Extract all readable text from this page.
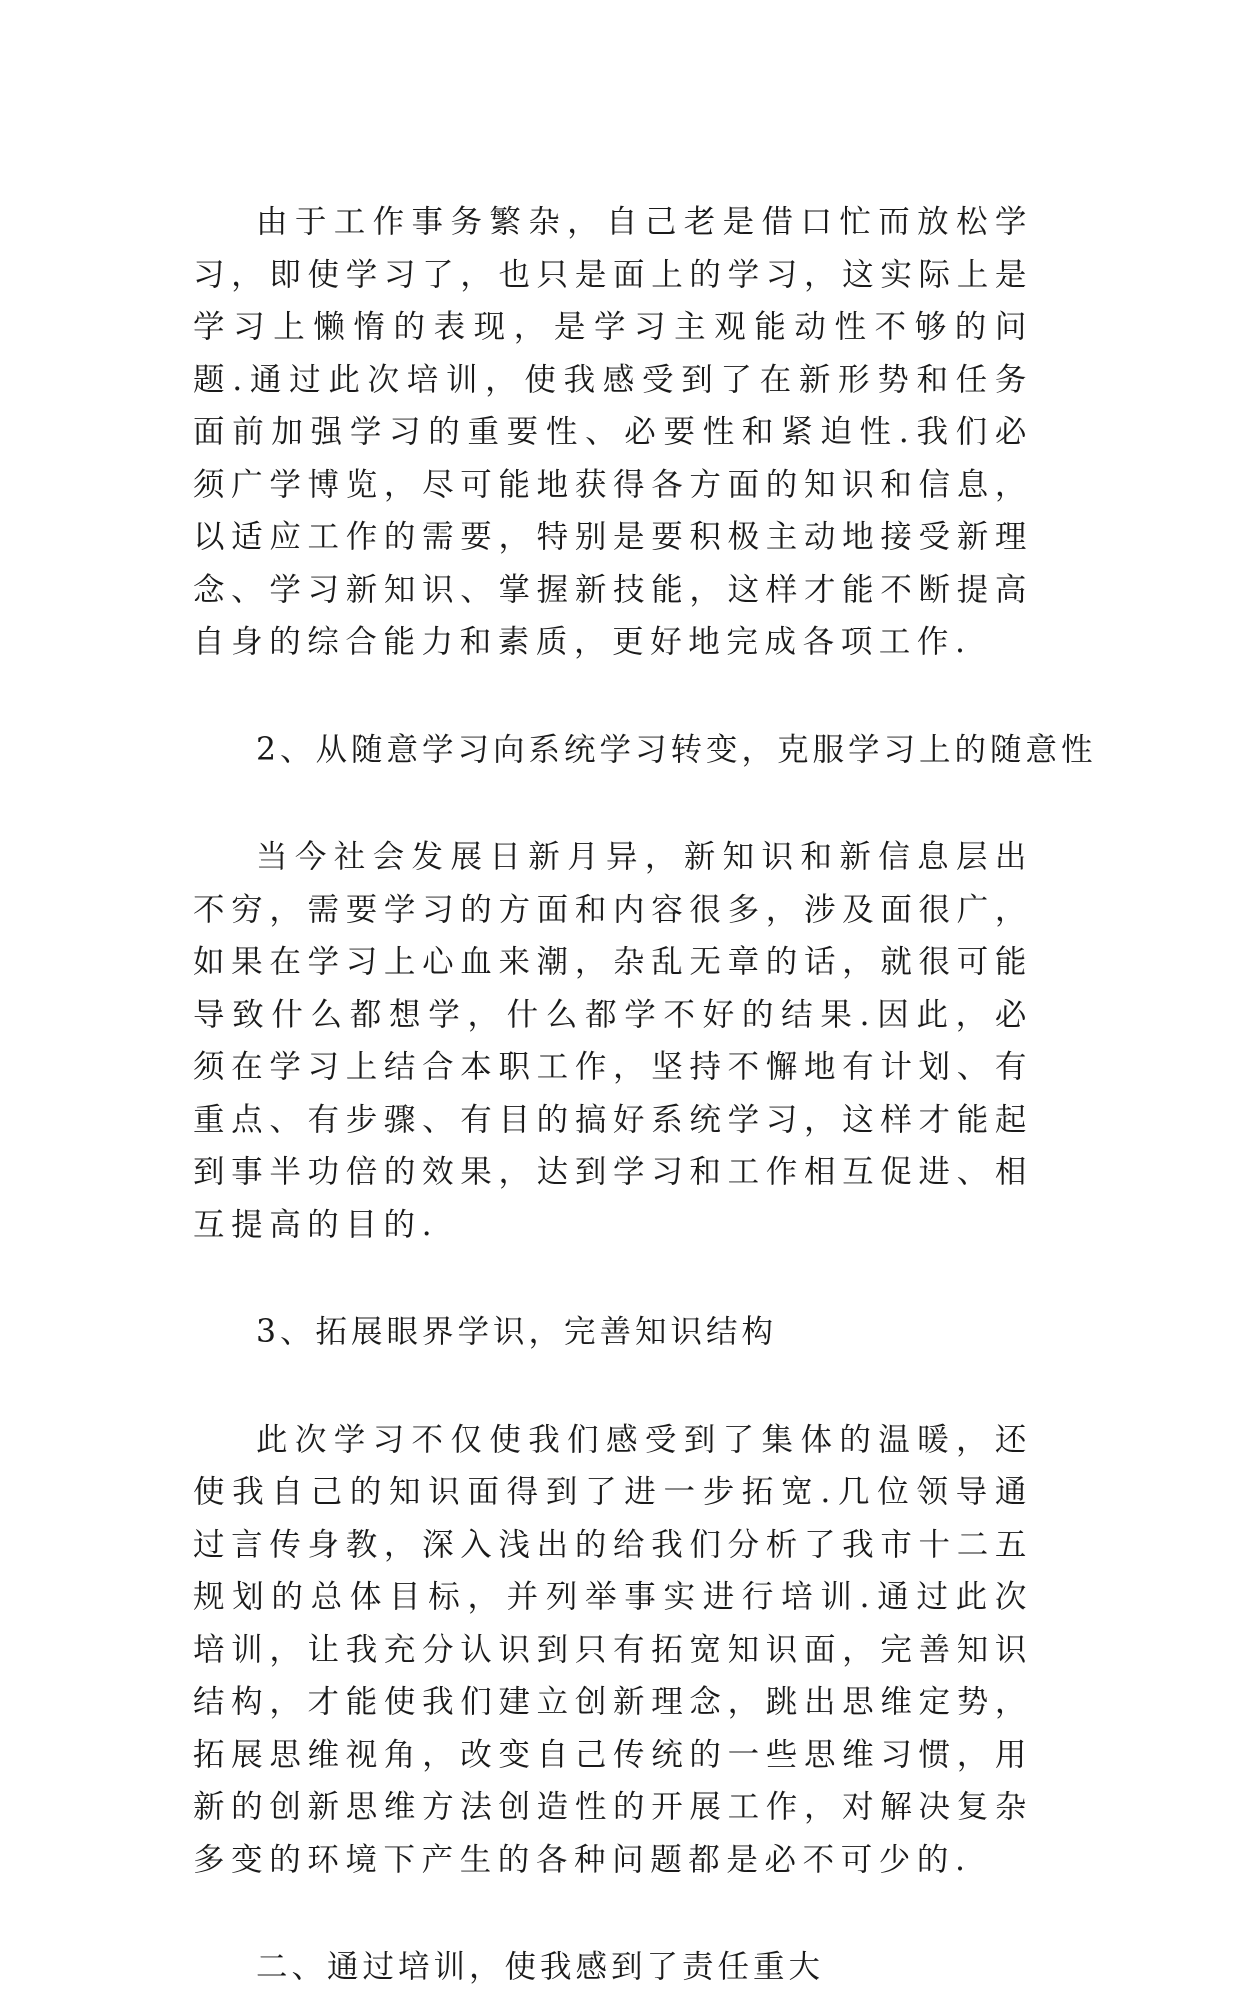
由于工作事务繁杂，自己老是借口忙而放松学习，即使学习了，也只是面上的学习，这实际上是学习上懒惰的表现，是学习主观能动性不够的问题.通过此次培训，使我感受到了在新形势和任务面前加强学习的重要性、必要性和紧迫性.我们必须广学博览，尽可能地获得各方面的知识和信息，以适应工作的需要，特别是要积极主动地接受新理念、学习新知识、掌握新技能，这样才能不断提高自身的综合能力和素质，更好地完成各项工作.

2、从随意学习向系统学习转变，克服学习上的随意性

当今社会发展日新月异，新知识和新信息层出不穷，需要学习的方面和内容很多，涉及面很广，如果在学习上心血来潮，杂乱无章的话，就很可能导致什么都想学，什么都学不好的结果.因此，必须在学习上结合本职工作，坚持不懈地有计划、有重点、有步骤、有目的搞好系统学习，这样才能起到事半功倍的效果，达到学习和工作相互促进、相互提高的目的.

3、拓展眼界学识，完善知识结构

此次学习不仅使我们感受到了集体的温暖，还使我自己的知识面得到了进一步拓宽.几位领导通过言传身教，深入浅出的给我们分析了我市十二五规划的总体目标，并列举事实进行培训.通过此次培训，让我充分认识到只有拓宽知识面，完善知识结构，才能使我们建立创新理念，跳出思维定势，拓展思维视角，改变自己传统的一些思维习惯，用新的创新思维方法创造性的开展工作，对解决复杂多变的环境下产生的各种问题都是必不可少的.

二、通过培训，使我感到了责任重大
